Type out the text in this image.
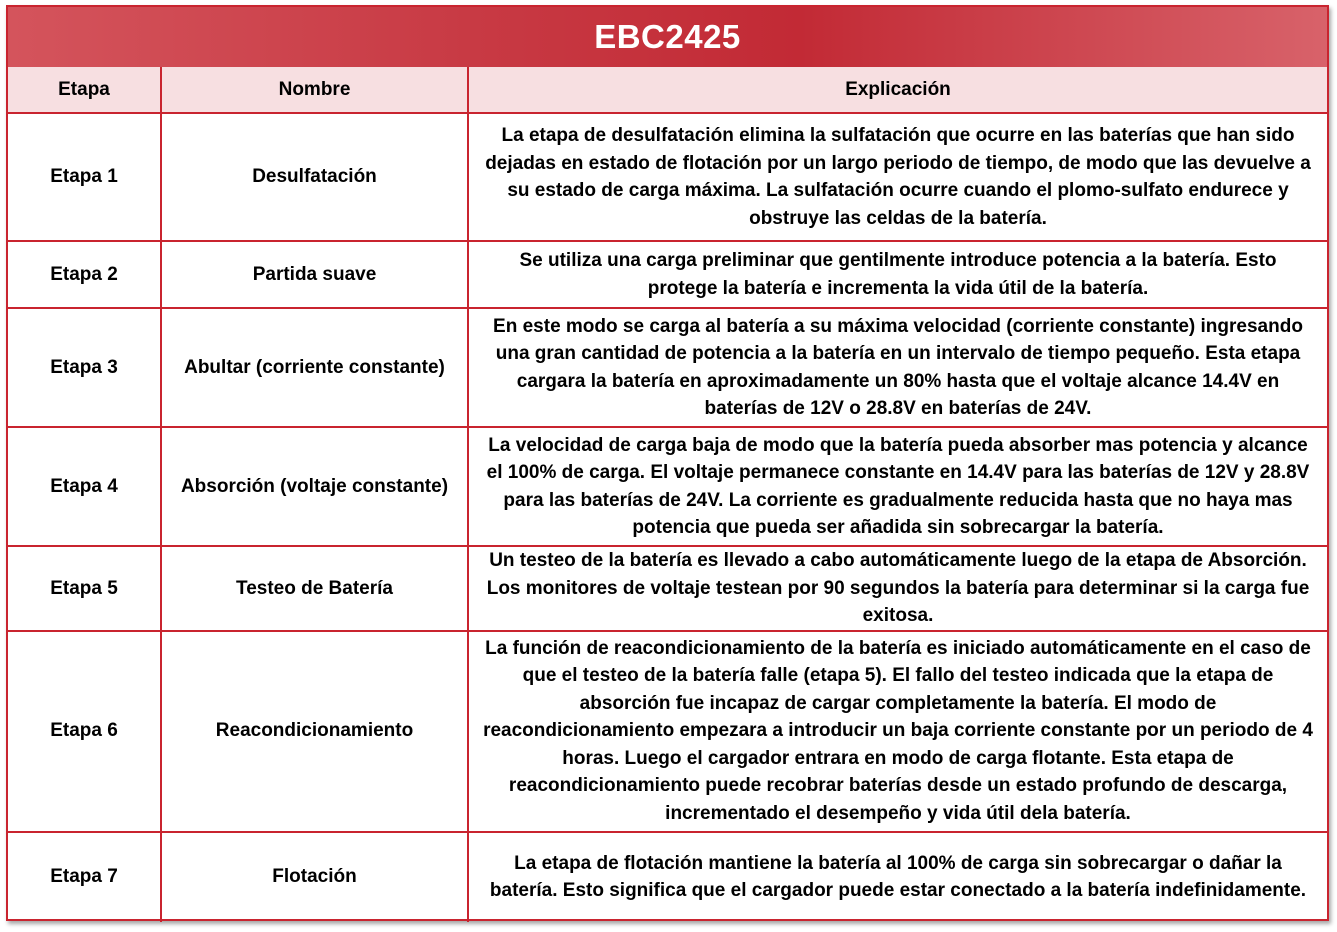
EBC2425
Etapa	Nombre	Explicación
Etapa 1	Desulfatación	La etapa de desulfatación elimina la sulfatación que ocurre en las baterías que han sido dejadas en estado de flotación por un largo periodo de tiempo, de modo que las devuelve a su estado de carga máxima. La sulfatación ocurre cuando el plomo-sulfato endurece y obstruye las celdas de la batería.
Etapa 2	Partida suave	Se utiliza una carga preliminar que gentilmente introduce potencia a la batería. Esto protege la batería e incrementa la vida útil de la batería.
Etapa 3	Abultar (corriente constante)	En este modo se carga al batería a su máxima velocidad (corriente constante) ingresando una gran cantidad de potencia a la batería en un intervalo de tiempo pequeño. Esta etapa cargara la batería en aproximadamente un 80% hasta que el voltaje alcance 14.4V en baterías de 12V o 28.8V en baterías de 24V.
Etapa 4	Absorción (voltaje constante)	La velocidad de carga baja de modo que la batería pueda absorber mas potencia y alcance el 100% de carga. El voltaje permanece constante en 14.4V para las baterías de 12V y 28.8V para las baterías de 24V. La corriente es gradualmente reducida hasta que no haya mas potencia que pueda ser añadida sin sobrecargar la batería.
Etapa 5	Testeo de Batería	Un testeo de la batería es llevado a cabo automáticamente luego de la etapa de Absorción. Los monitores de voltaje testean por 90 segundos la batería para determinar si la carga fue exitosa.
Etapa 6	Reacondicionamiento	La función de reacondicionamiento de la batería es iniciado automáticamente en el caso de que el testeo de la batería falle (etapa 5). El fallo del testeo indicada que la etapa de absorción fue incapaz de cargar completamente la batería. El modo de reacondicionamiento empezara a introducir un baja corriente constante por un periodo de 4 horas. Luego el cargador entrara en modo de carga flotante. Esta etapa de reacondicionamiento puede recobrar baterías desde un estado profundo de descarga, incrementado el desempeño y vida útil dela batería.
Etapa 7	Flotación	La etapa de flotación mantiene la batería al 100% de carga sin sobrecargar o dañar la batería. Esto significa que el cargador puede estar conectado a la batería indefinidamente.
